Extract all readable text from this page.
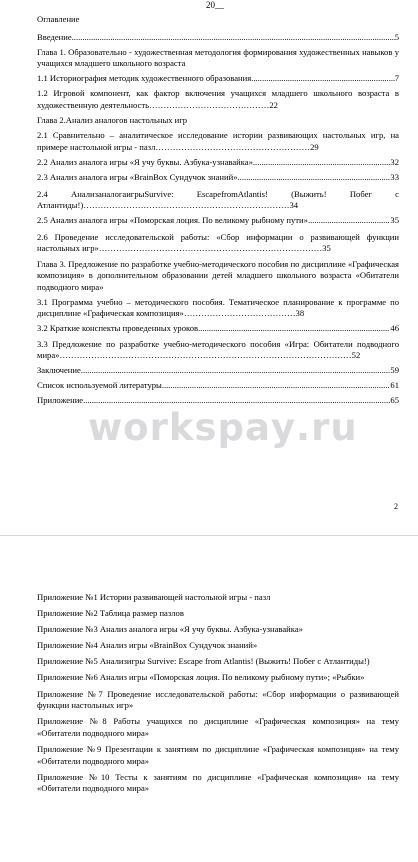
20__
Оглавление
Введение .....	5
Глава 1. Образовательно - художественная методология формирования художественных навыков у учащихся младшего школьного возраста
1.1 Историография методик художественного образования .....	7
1.2 Игровой компонент, как фактор включения учащихся младшего школьного возраста в художественную деятельность……………………………………22
Глава 2.Анализ аналогов настольных игр
2.1 Сравнительно – аналитическое исследование истории развивающих настольных игр, на примере настольной игры - пазл………………………………………………29
2.2 Анализ аналога игры «Я учу буквы. Азбука-узнавайка» .....	32
2.3 Анализ аналога игры «BrainBox Сундучок знаний» .....	33
2.4 АнализаналогаигрыSurvive: EscapefromAtlantis! (Выжить! Побег с Атлантиды!)………………………………………………………………34
2.5 Анализ аналога игры «Поморская лоция. По великому рыбному пути» .....	35
2.6 Проведение исследовательской работы: «Сбор информации о развивающей функции настольных игр»……………………………………………………………………35
Глава 3. Предложение по разработке учебно-методического пособия по дисциплине «Графическая композиция» в дополнительном образовании детей младшего школьного возраста «Обитатели подводного мира»
3.1 Программа учебно – методического пособия. Тематическое планирование к программе по дисциплине «Графическая композиция»…………………………………38
3.2 Краткие конспекты проведенных уроков .....	46
3.3 Предложение по разработке учебно-методического пособия «Игра: Обитатели подводного мира»…………………………………………………………………………………………52
Заключение .....	59
Список используемой литературы .....	61
Приложение .....	65
worksрау.ru
2
Приложение №1 Истории развивающей настольной игры - пазл
Приложение №2 Таблица размер пазлов
Приложение №3 Анализ аналога игры «Я учу буквы. Азбука-узнавайка»
Приложение №4 Анализ игры «BrainBox Сундучок знаний»
Приложение №5 Анализигры Survive: Escape from Atlantis! (Выжить! Побег с Атлантиды!)
Приложение №6 Анализ игры «Поморская лоция. По великому рыбному пути»; «Рыбки»
Приложение №7 Проведение исследовательской работы: «Сбор информации о развивающей функции настольных игр»
Приложение №8 Работы учащихся по дисциплине «Графическая композиция» на тему «Обитатели подводного мира»
Приложение №9 Презентации к занятиям по дисциплине «Графическая композиция» на тему «Обитатели подводного мира»
Приложение №10 Тесты к занятиям по дисциплине «Графическая композиция» на тему «Обитатели подводного мира»
